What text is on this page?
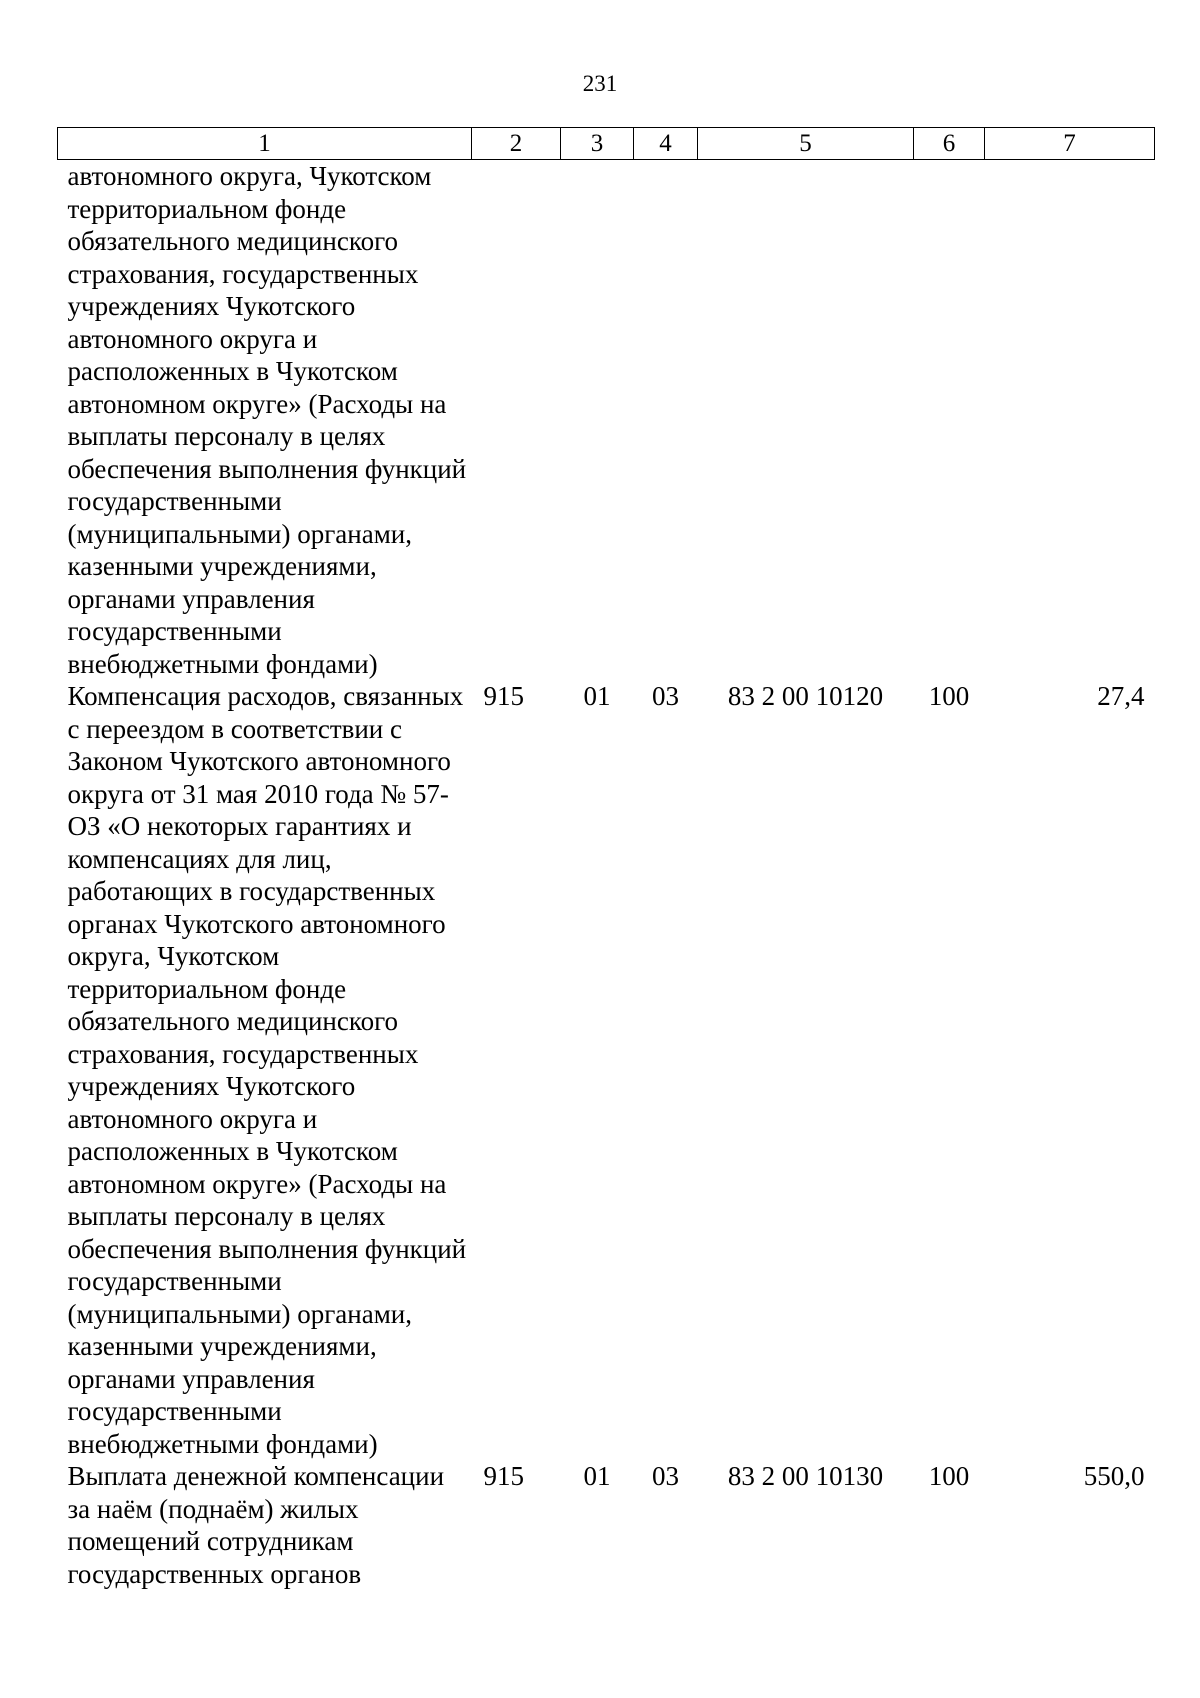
231
1	2	3	4	5	6	7
автономного округа, Чукотском территориальном фонде обязательного медицинского страхования, государственных учреждениях Чукотского автономного округа и расположенных в Чукотском автономном округе» (Расходы на выплаты персоналу в целях обеспечения выполнения функций государственными (муниципальными) органами, казенными учреждениями, органами управления государственными внебюджетными фондами)						
Компенсация расходов, связанных с переездом в соответствии с Законом Чукотского автономного округа от 31 мая 2010 года № 57-ОЗ «О некоторых гарантиях и компенсациях для лиц, работающих в государственных органах Чукотского автономного округа, Чукотском территориальном фонде обязательного медицинского страхования, государственных учреждениях Чукотского автономного округа и расположенных в Чукотском автономном округе» (Расходы на выплаты персоналу в целях обеспечения выполнения функций государственными (муниципальными) органами, казенными учреждениями, органами управления государственными внебюджетными фондами)	915	01	03	83 2 00 10120	100	27,4
Выплата денежной компенсации за наём (поднаём) жилых помещений сотрудникам государственных органов	915	01	03	83 2 00 10130	100	550,0
